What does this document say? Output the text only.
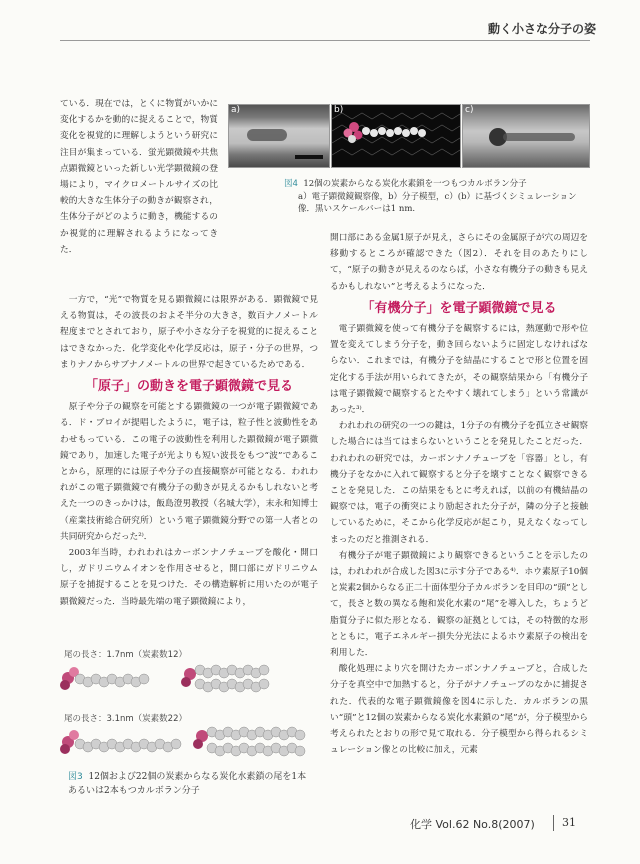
動く小さな分子の姿
a)	b)	c)
図4 12個の炭素からなる炭化水素鎖を一つもつカルボラン分子
a）電子顕微鏡観察像，b）分子模型，c）(b）に基づくシミュレーション像．黒いスケールバーは1 nm.
ている．現在では，とくに物質がいかに変化するかを動的に捉えることで，物質変化を視覚的に理解しようという研究に注目が集まっている．蛍光顕微鏡や共焦点顕微鏡といった新しい光学顕微鏡の登場により，マイクロメートルサイズの比較的大きな生体分子の動きが観察され，生体分子がどのように動き，機能するのか視覚的に理解されるようになってきた．

一方で，“光”で物質を見る顕微鏡には限界がある．顕微鏡で見える物質は，その波長のおよそ半分の大きさ，数百ナノメートル程度までとされており，原子や小さな分子を視覚的に捉えることはできなかった．化学変化や化学反応は，原子・分子の世界，つまりナノからサブナノメートルの世界で起きているためである．

「原子」の動きを電子顕微鏡で見る

原子や分子の観察を可能とする顕微鏡の一つが電子顕微鏡である．ド・ブロイが提唱したように，電子は，粒子性と波動性をあわせもっている．この電子の波動性を利用した顕微鏡が電子顕微鏡であり，加速した電子が光よりも短い波長をもつ“波”であることから，原理的には原子や分子の直接観察が可能となる．われわれがこの電子顕微鏡で有機分子の動きが見えるかもしれないと考えた一つのきっかけは，飯島澄男教授（名城大学），末永和知博士（産業技術総合研究所）という電子顕微鏡分野での第一人者との共同研究からだった²⁾．

2003年当時，われわれはカーボンナノチューブを酸化・開口し，ガドリニウムイオンを作用させると，開口部にガドリニウム原子を捕捉することを見つけた．その構造解析に用いたのが電子顕微鏡だった．当時最先端の電子顕微鏡により，

尾の長さ：1.7nm（炭素数12）
尾の長さ：3.1nm（炭素数22）
図3 12個および22個の炭素からなる炭化水素鎖の尾を1本あるいは2本もつカルボラン分子

開口部にある金属1原子が見え，さらにその金属原子が穴の周辺を移動するところが確認できた（図2）．それを目のあたりにして，“原子の動きが見えるのならば，小さな有機分子の動きも見えるかもしれない”と考えるようになった．

「有機分子」を電子顕微鏡で見る

電子顕微鏡を使って有機分子を観察するには，熱運動で形や位置を変えてしまう分子を，動き回らないように固定しなければならない．これまでは，有機分子を結晶にすることで形と位置を固定化する手法が用いられてきたが，その観察結果から「有機分子は電子顕微鏡で観察するとたやすく壊れてしまう」という常識があった³⁾．

われわれの研究の一つの鍵は，1分子の有機分子を孤立させ観察した場合には当てはまらないということを発見したことだった．われわれの研究では，カーボンナノチューブを「容器」とし，有機分子をなかに入れて観察すると分子を壊すことなく観察できることを発見した．この結果をもとに考えれば，以前の有機結晶の観察では，電子の衝突により励起された分子が，隣の分子と接触しているために，そこから化学反応が起こり，見えなくなってしまったのだと推測される．

有機分子が電子顕微鏡により観察できるということを示したのは，われわれが合成した図3に示す分子である⁴⁾．ホウ素原子10個と炭素2個からなる正二十面体型分子カルボランを目印の“頭”として，長さと数の異なる飽和炭化水素の“尾”を導入した，ちょうど脂質分子に似た形となる．観察の証拠としては，その特徴的な形とともに，電子エネルギー損失分光法によるホウ素原子の検出を利用した．

酸化処理により穴を開けたカーボンナノチューブと，合成した分子を真空中で加熱すると，分子がナノチューブのなかに捕捉された．代表的な電子顕微鏡像を図4に示した．カルボランの黒い“頭”と12個の炭素からなる炭化水素鎖の“尾”が，分子模型から考えられたとおりの形で見て取れる．分子模型から得られるシミュレーション像との比較に加え，元素

化学 Vol.62 No.8(2007) 31
